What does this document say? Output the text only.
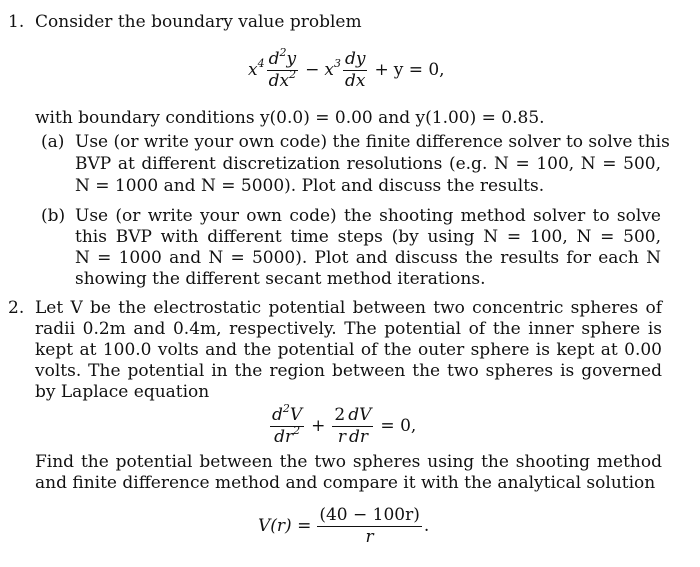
1. Consider the boundary value problem
$x^4 \frac{d^2y}{dx^2} - x^3 \frac{dy}{dx} + y = 0$,
with boundary conditions y(0.0) = 0.00 and y(1.00) = 0.85.
(a) Use (or write your own code) the finite difference solver to solve this
BVP at different discretization resolutions (e.g. N = 100, N = 500,
N = 1000 and N = 5000). Plot and discuss the results.
(b) Use (or write your own code) the shooting method solver to solve
this BVP with different time steps (by using N = 100, N = 500,
N = 1000 and N = 5000). Plot and discuss the results for each N
showing the different secant method iterations.
2. Let V be the electrostatic potential between two concentric spheres of
radii 0.2m and 0.4m, respectively. The potential of the inner sphere is
kept at 100.0 volts and the potential of the outer sphere is kept at 0.00
volts. The potential in the region between the two spheres is governed
by Laplace equation
$\frac{d^2V}{dr^2} + \frac{2 dV}{\text{r dr}} = 0$,
Find the potential between the two spheres using the shooting method
and finite difference method and compare it with the analytical solution
$V(r) = \frac{(40 - 100r)}{r}$ .
